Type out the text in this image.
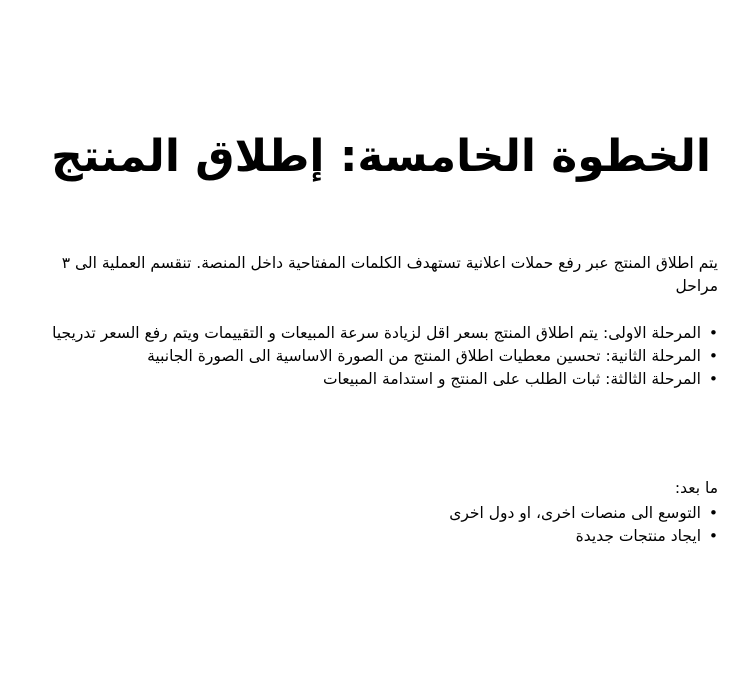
الخطوة الخامسة: إطلاق المنتج

يتم اطلاق المنتج عبر رفع حملات اعلانية تستهدف الكلمات المفتاحية داخل المنصة. تنقسم العملية الى ٣ مراحل

• المرحلة الاولى: يتم اطلاق المنتج بسعر اقل لزيادة سرعة المبيعات و التقييمات ويتم رفع السعر تدريجيا
• المرحلة الثانية: تحسين معطيات اطلاق المنتج من الصورة الاساسية الى الصورة الجانبية
• المرحلة الثالثة: ثبات الطلب على المنتج و استدامة المبيعات

ما بعد:

• التوسع الى منصات اخرى، او دول اخرى
• ايجاد منتجات جديدة
